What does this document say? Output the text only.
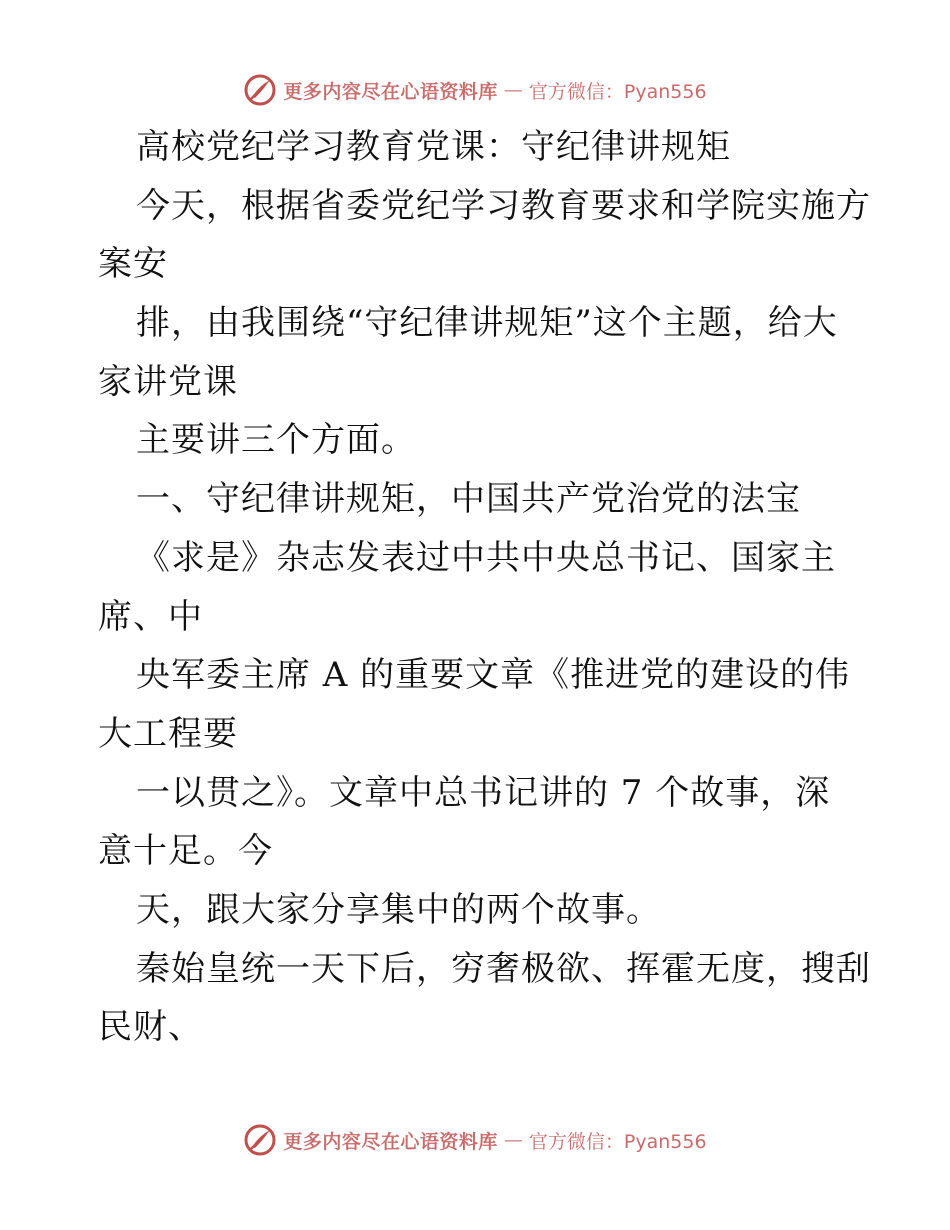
更多内容尽在心语资料库 — 官方微信：Pyan556
高校党纪学习教育党课：守纪律讲规矩
今天，根据省委党纪学习教育要求和学院实施方
案安
排，由我围绕“守纪律讲规矩”这个主题，给大
家讲党课
主要讲三个方面。
一、守纪律讲规矩，中国共产党治党的法宝
《求是》杂志发表过中共中央总书记、国家主
席、中
央军委主席 A 的重要文章《推进党的建设的伟
大工程要
一以贯之》。文章中总书记讲的 7 个故事，深
意十足。今
天，跟大家分享集中的两个故事。
秦始皇统一天下后，穷奢极欲、挥霍无度，搜刮
民财、
更多内容尽在心语资料库 — 官方微信：Pyan556
